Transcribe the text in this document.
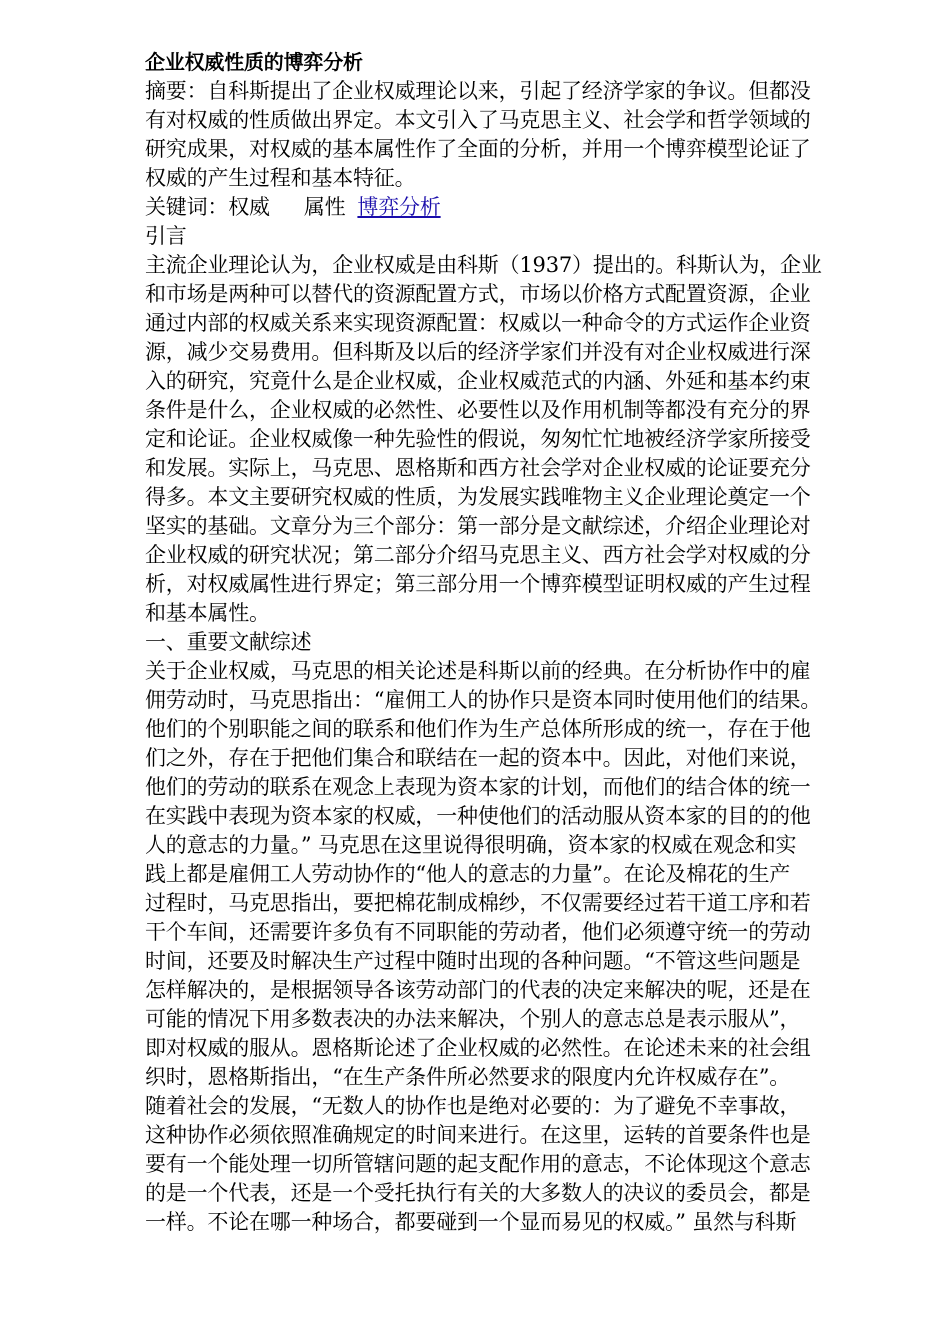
企业权威性质的博弈分析
摘要：自科斯提出了企业权威理论以来，引起了经济学家的争议。但都没
有对权威的性质做出界定。本文引入了马克思主义、社会学和哲学领域的
研究成果，对权威的基本属性作了全面的分析，并用一个博弈模型论证了
权威的产生过程和基本特征。
关键词：权威 属性 博弈分析
引言
主流企业理论认为，企业权威是由科斯（1937）提出的。科斯认为，企业
和市场是两种可以替代的资源配置方式，市场以价格方式配置资源，企业
通过内部的权威关系来实现资源配置：权威以一种命令的方式运作企业资
源，减少交易费用。但科斯及以后的经济学家们并没有对企业权威进行深
入的研究，究竟什么是企业权威，企业权威范式的内涵、外延和基本约束
条件是什么，企业权威的必然性、必要性以及作用机制等都没有充分的界
定和论证。企业权威像一种先验性的假说，匆匆忙忙地被经济学家所接受
和发展。实际上，马克思、恩格斯和西方社会学对企业权威的论证要充分
得多。本文主要研究权威的性质，为发展实践唯物主义企业理论奠定一个
坚实的基础。文章分为三个部分：第一部分是文献综述，介绍企业理论对
企业权威的研究状况；第二部分介绍马克思主义、西方社会学对权威的分
析，对权威属性进行界定；第三部分用一个博弈模型证明权威的产生过程
和基本属性。
一、重要文献综述
关于企业权威，马克思的相关论述是科斯以前的经典。在分析协作中的雇
佣劳动时，马克思指出：“雇佣工人的协作只是资本同时使用他们的结果。
他们的个别职能之间的联系和他们作为生产总体所形成的统一，存在于他
们之外，存在于把他们集合和联结在一起的资本中。因此，对他们来说，
他们的劳动的联系在观念上表现为资本家的计划，而他们的结合体的统一
在实践中表现为资本家的权威，一种使他们的活动服从资本家的目的的他
人的意志的力量。” 马克思在这里说得很明确，资本家的权威在观念和实
践上都是雇佣工人劳动协作的“他人的意志的力量”。在论及棉花的生产
过程时，马克思指出，要把棉花制成棉纱，不仅需要经过若干道工序和若
干个车间，还需要许多负有不同职能的劳动者，他们必须遵守统一的劳动
时间，还要及时解决生产过程中随时出现的各种问题。“不管这些问题是
怎样解决的，是根据领导各该劳动部门的代表的决定来解决的呢，还是在
可能的情况下用多数表决的办法来解决，个别人的意志总是表示服从”，
即对权威的服从。恩格斯论述了企业权威的必然性。在论述未来的社会组
织时，恩格斯指出，“在生产条件所必然要求的限度内允许权威存在”。
随着社会的发展，“无数人的协作也是绝对必要的：为了避免不幸事故，
这种协作必须依照准确规定的时间来进行。在这里，运转的首要条件也是
要有一个能处理一切所管辖问题的起支配作用的意志，不论体现这个意志
的是一个代表，还是一个受托执行有关的大多数人的决议的委员会，都是
一样。不论在哪一种场合，都要碰到一个显而易见的权威。” 虽然与科斯
